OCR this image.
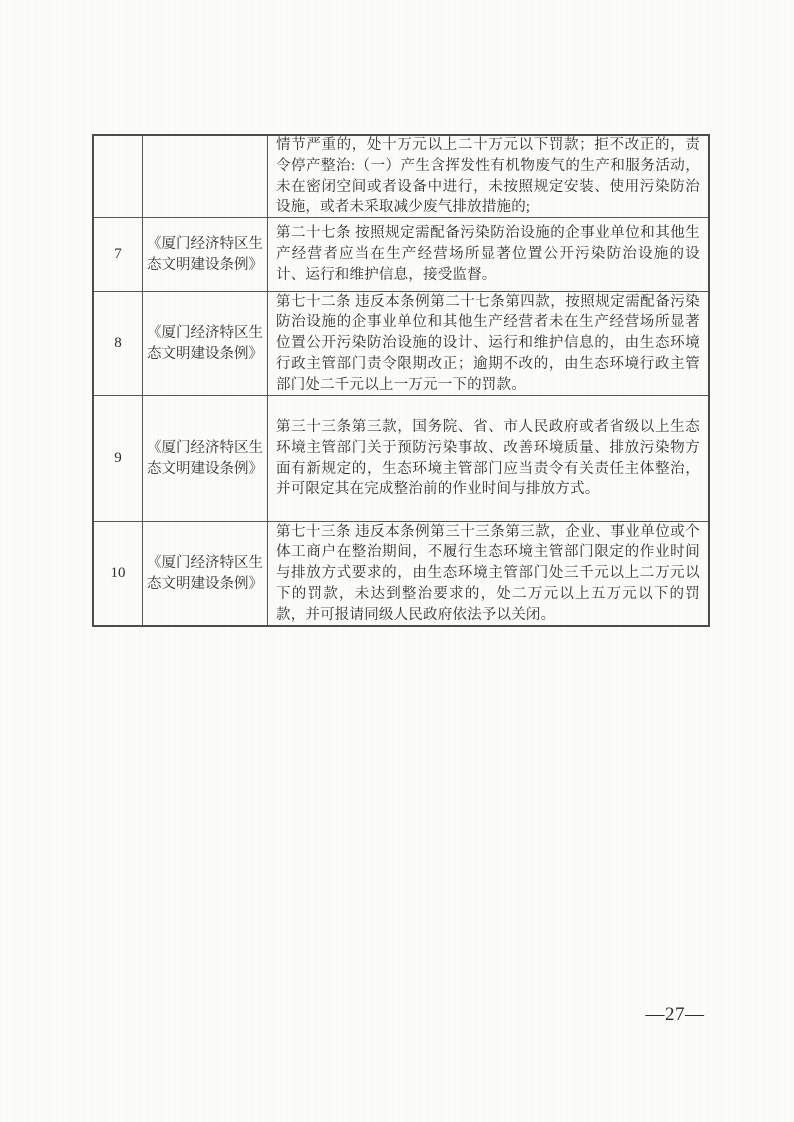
情节严重的，处十万元以上二十万元以下罚款；拒不改正的，责令停产整治:（一）产生含挥发性有机物废气的生产和服务活动，未在密闭空间或者设备中进行，未按照规定安装、使用污染防治设施，或者未采取减少废气排放措施的;
7
《厦门经济特区生态文明建设条例》
第二十七条 按照规定需配备污染防治设施的企事业单位和其他生产经营者应当在生产经营场所显著位置公开污染防治设施的设计、运行和维护信息，接受监督。
8
《厦门经济特区生态文明建设条例》
第七十二条 违反本条例第二十七条第四款，按照规定需配备污染防治设施的企事业单位和其他生产经营者未在生产经营场所显著位置公开污染防治设施的设计、运行和维护信息的，由生态环境行政主管部门责令限期改正；逾期不改的，由生态环境行政主管部门处二千元以上一万元一下的罚款。
9
《厦门经济特区生态文明建设条例》
第三十三条第三款，国务院、省、市人民政府或者省级以上生态环境主管部门关于预防污染事故、改善环境质量、排放污染物方面有新规定的，生态环境主管部门应当责令有关责任主体整治，并可限定其在完成整治前的作业时间与排放方式。
10
《厦门经济特区生态文明建设条例》
第七十三条 违反本条例第三十三条第三款，企业、事业单位或个体工商户在整治期间，不履行生态环境主管部门限定的作业时间与排放方式要求的，由生态环境主管部门处三千元以上二万元以下的罚款，未达到整治要求的，处二万元以上五万元以下的罚款，并可报请同级人民政府依法予以关闭。
—27—
